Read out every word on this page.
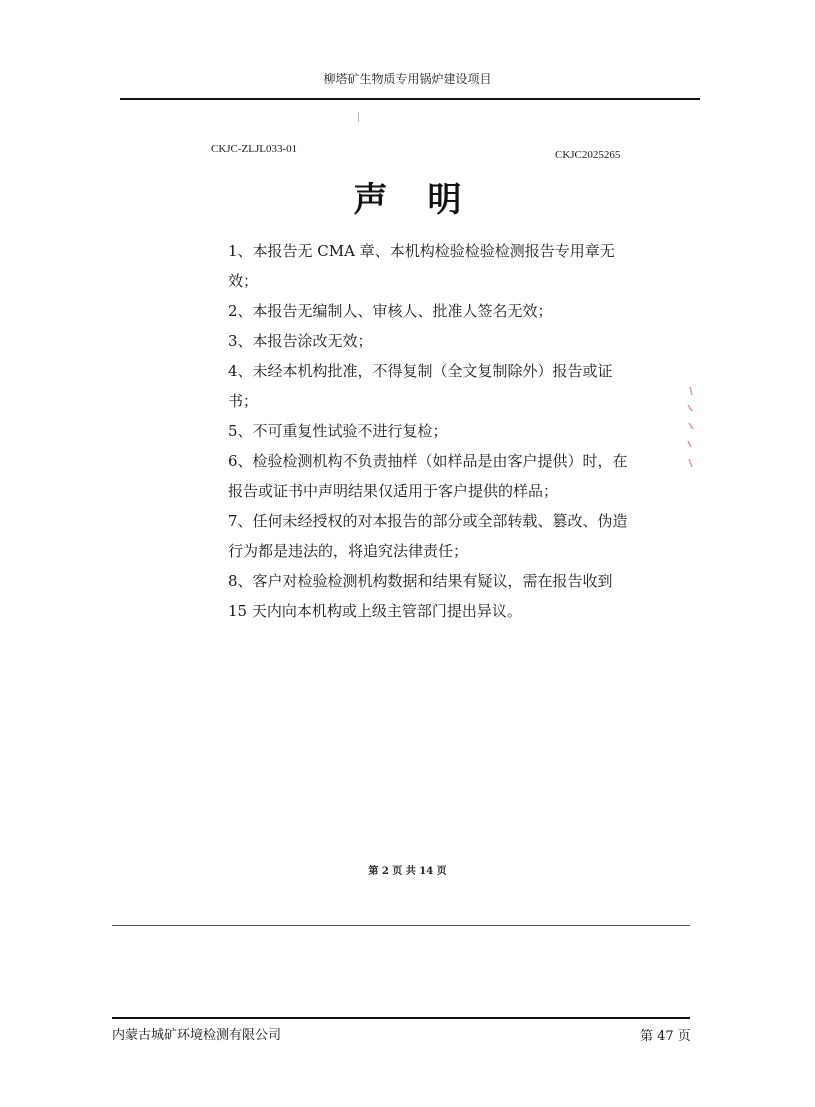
柳塔矿生物质专用锅炉建设项目
CKJC-ZLJL033-01	CKJC2025265
声明
1、本报告无 CMA 章、本机构检验检验检测报告专用章无效；
2、本报告无编制人、审核人、批准人签名无效；
3、本报告涂改无效；
4、未经本机构批准，不得复制（全文复制除外）报告或证书；
5、不可重复性试验不进行复检；
6、检验检测机构不负责抽样（如样品是由客户提供）时，在报告或证书中声明结果仅适用于客户提供的样品；
7、任何未经授权的对本报告的部分或全部转载、篡改、伪造行为都是违法的，将追究法律责任；
8、客户对检验检测机构数据和结果有疑议，需在报告收到 15 天内向本机构或上级主管部门提出异议。
第 2 页 共 14 页
内蒙古城矿环境检测有限公司	第 47 页
